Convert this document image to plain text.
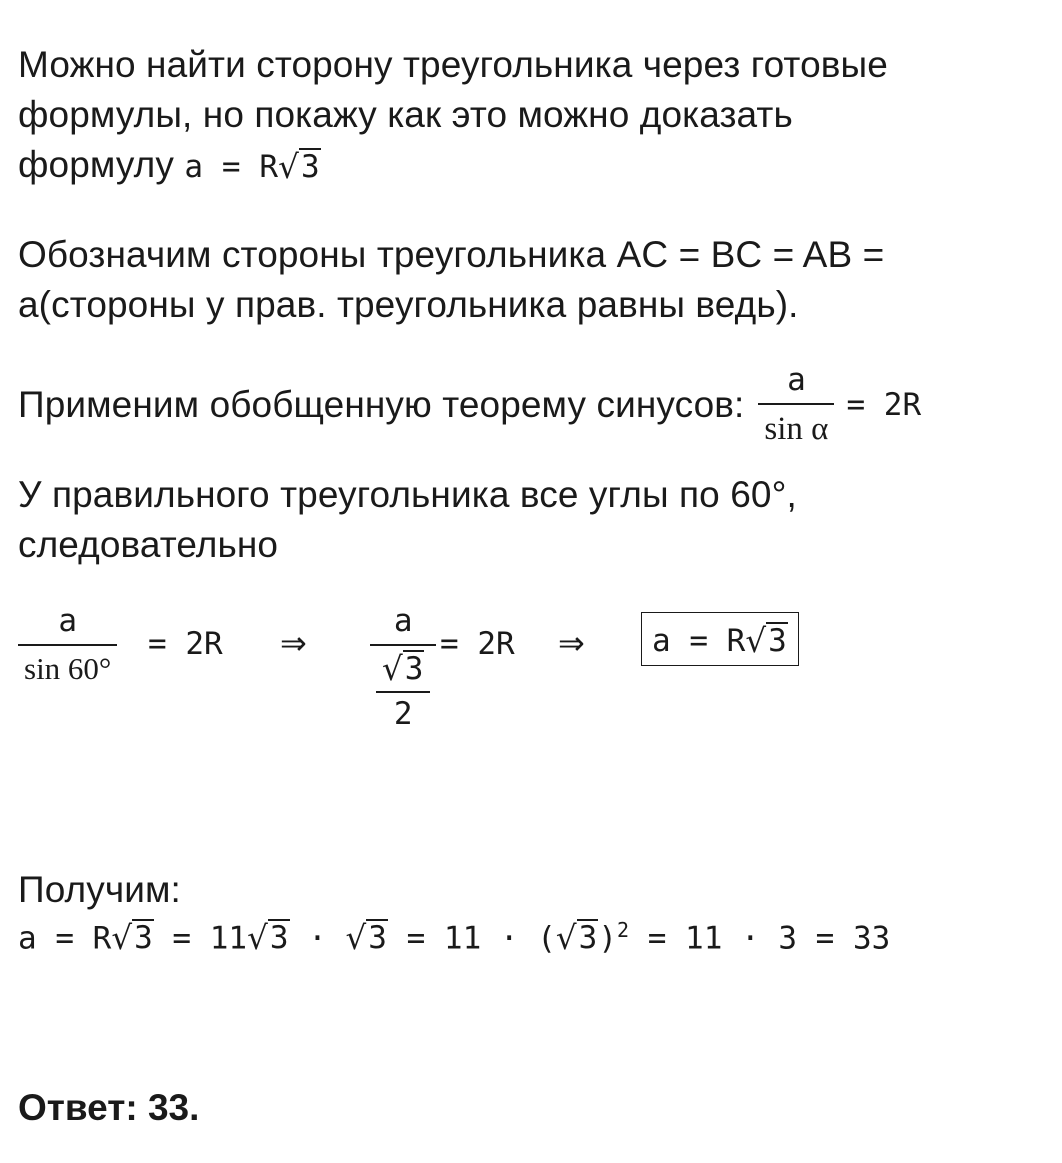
Можно найти сторону треугольника через готовые

формулы, но покажу как это можно доказать

формулу a = R√3

Обозначим стороны треугольника AC = BC = AB =

a(стороны у прав. треугольника равны ведь).

Применим обобщенную теорему синусов: $\frac{a}{\text{sin α}} = 2R$

У правильного треугольника все углы по 60°,

следовательно

a
sin 60°
= 2R ⇒
a
$\frac{√3}{2}$
= 2R ⇒	a = R√3

Получим:

$a = R√3 = 11√3 \cdot √3 = 11 \cdot (√3)^2 = 11 \cdot 3 = 33$
Ответ: 33.
